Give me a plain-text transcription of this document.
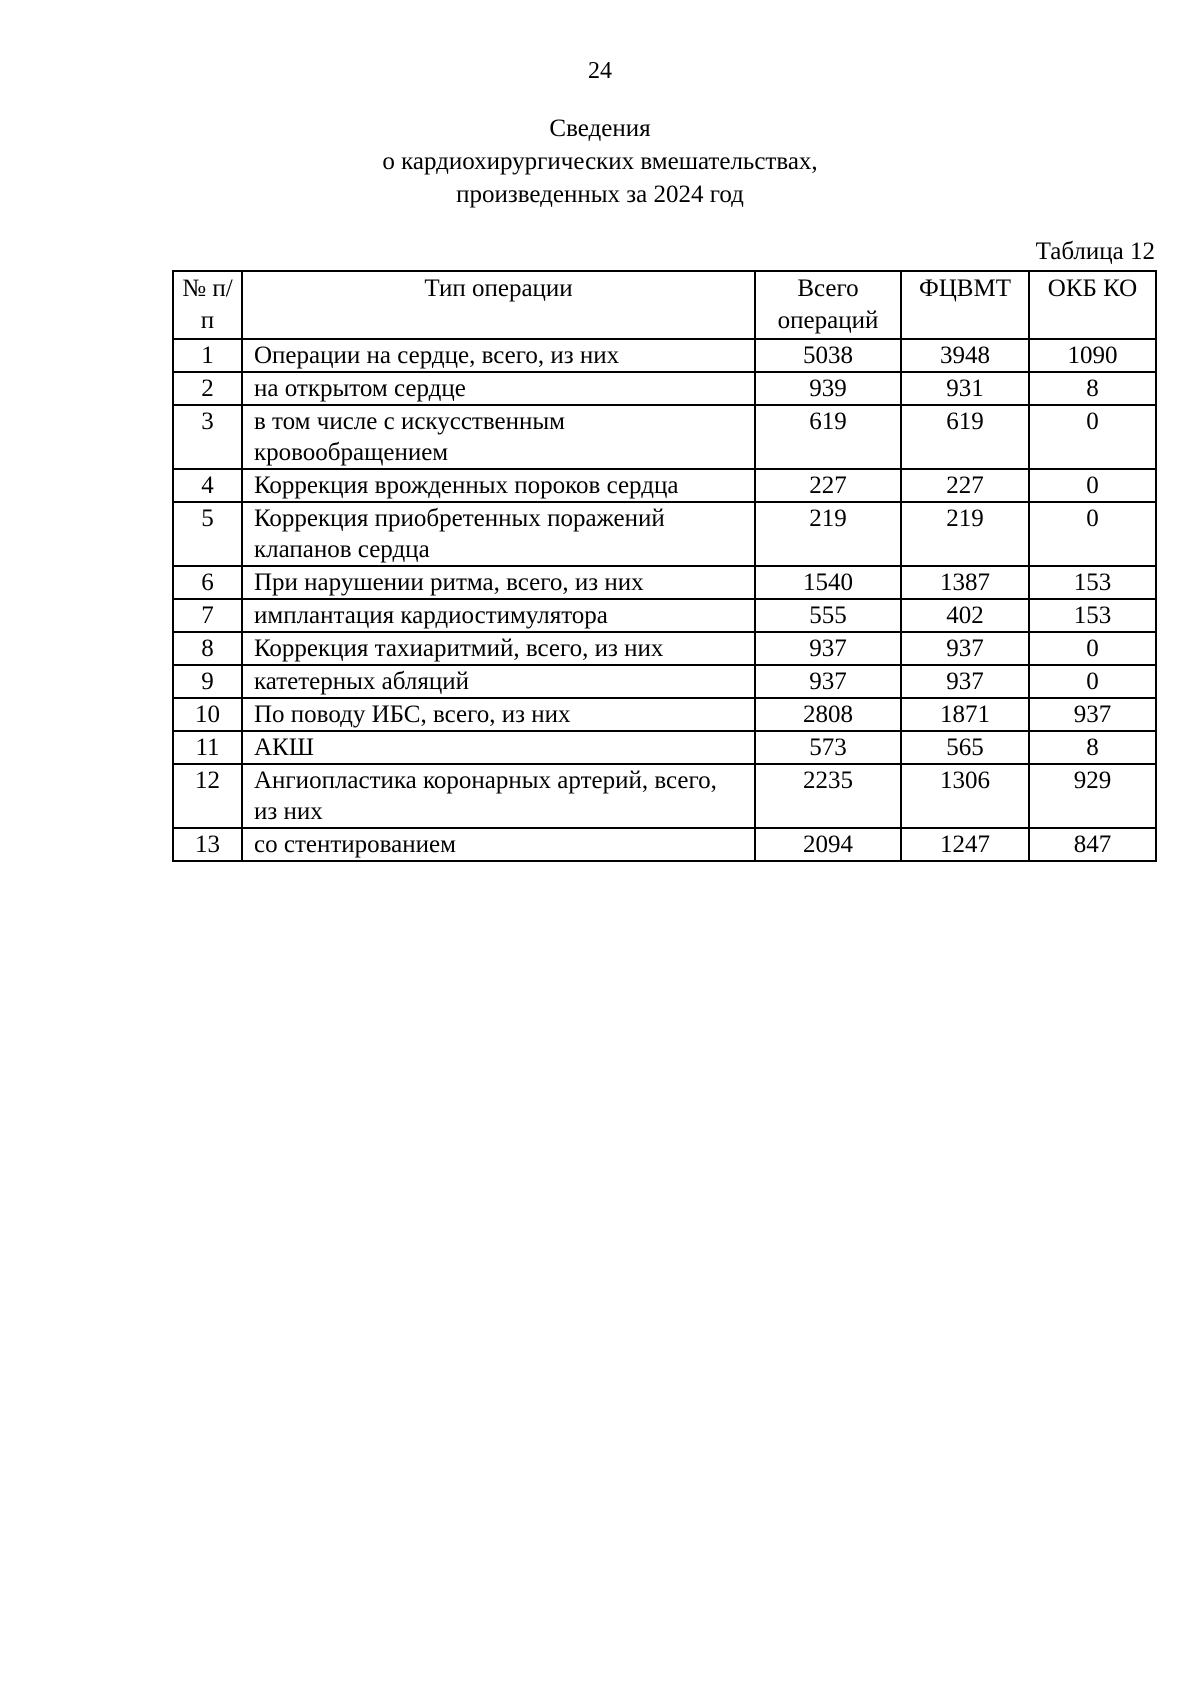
24
Сведения
о кардиохирургических вмешательствах,
произведенных за 2024 год
Таблица 12
№ п/п	Тип операции	Всего операций	ФЦВМТ	ОКБ КО
1	Операции на сердце, всего, из них	5038	3948	1090
2	на открытом сердце	939	931	8
3	в том числе с искусственным кровообращением	619	619	0
4	Коррекция врожденных пороков сердца	227	227	0
5	Коррекция приобретенных поражений клапанов сердца	219	219	0
6	При нарушении ритма, всего, из них	1540	1387	153
7	имплантация кардиостимулятора	555	402	153
8	Коррекция тахиаритмий, всего, из них	937	937	0
9	катетерных абляций	937	937	0
10	По поводу ИБС, всего, из них	2808	1871	937
11	АКШ	573	565	8
12	Ангиопластика коронарных артерий, всего, из них	2235	1306	929
13	со стентированием	2094	1247	847
